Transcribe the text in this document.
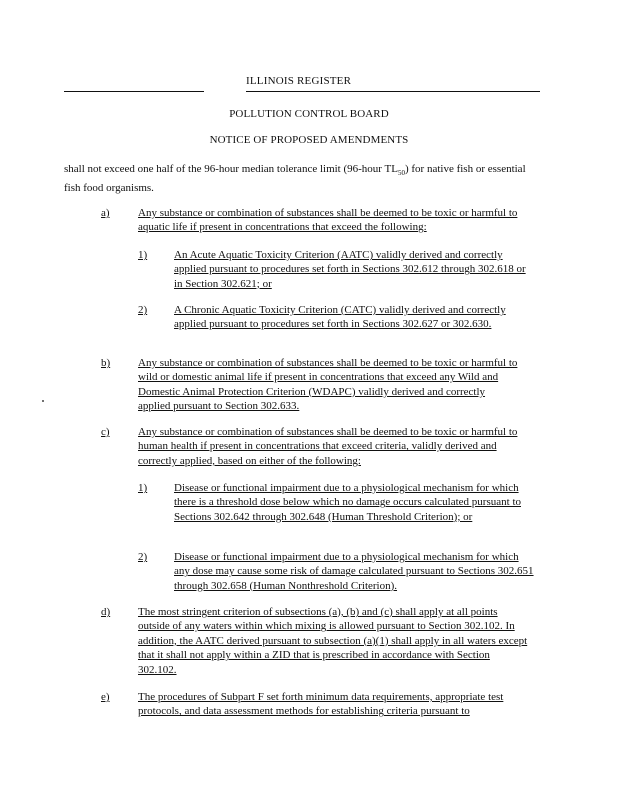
ILLINOIS REGISTER
POLLUTION CONTROL BOARD
NOTICE OF PROPOSED AMENDMENTS
shall not exceed one half of the 96-hour median tolerance limit (96-hour $TL_{50}$) for native fish or essential fish food organisms.
a)	Any substance or combination of substances shall be deemed to be toxic or harmful to aquatic life if present in concentrations that exceed the following:
1) An Acute Aquatic Toxicity Criterion (AATC) validly derived and correctly applied pursuant to procedures set forth in Sections 302.612 through 302.618 or in Section 302.621; or
2) A Chronic Aquatic Toxicity Criterion (CATC) validly derived and correctly applied pursuant to procedures set forth in Sections 302.627 or 302.630.
b)	Any substance or combination of substances shall be deemed to be toxic or harmful to wild or domestic animal life if present in concentrations that exceed any Wild and Domestic Animal Protection Criterion (WDAPC) validly derived and correctly applied pursuant to Section 302.633.
c)	Any substance or combination of substances shall be deemed to be toxic or harmful to human health if present in concentrations that exceed criteria, validly derived and correctly applied, based on either of the following:
1) Disease or functional impairment due to a physiological mechanism for which there is a threshold dose below which no damage occurs calculated pursuant to Sections 302.642 through 302.648 (Human Threshold Criterion); or
2) Disease or functional impairment due to a physiological mechanism for which any dose may cause some risk of damage calculated pursuant to Sections 302.651 through 302.658 (Human Nonthreshold Criterion).
d)	The most stringent criterion of subsections (a), (b) and (c) shall apply at all points outside of any waters within which mixing is allowed pursuant to Section 302.102. In addition, the AATC derived pursuant to subsection (a)(1) shall apply in all waters except that it shall not apply within a ZID that is prescribed in accordance with Section 302.102.
e)	The procedures of Subpart F set forth minimum data requirements, appropriate test protocols, and data assessment methods for establishing criteria pursuant to
